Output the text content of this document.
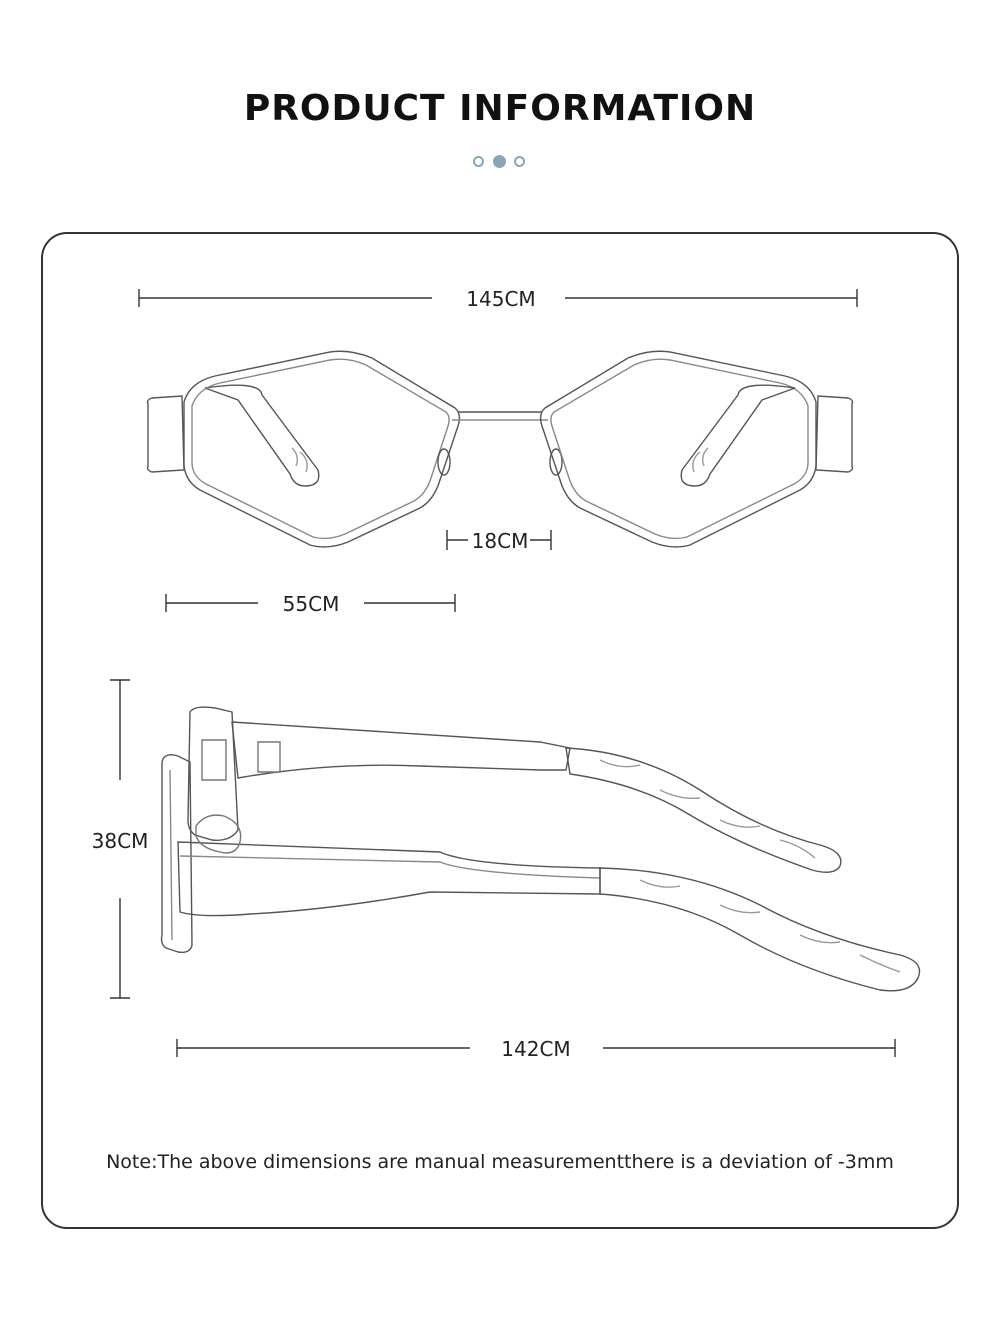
PRODUCT INFORMATION
145CM
18CM
55CM
38CM
142CM
Note:The above dimensions are manual measurementthere is a deviation of -3mm
